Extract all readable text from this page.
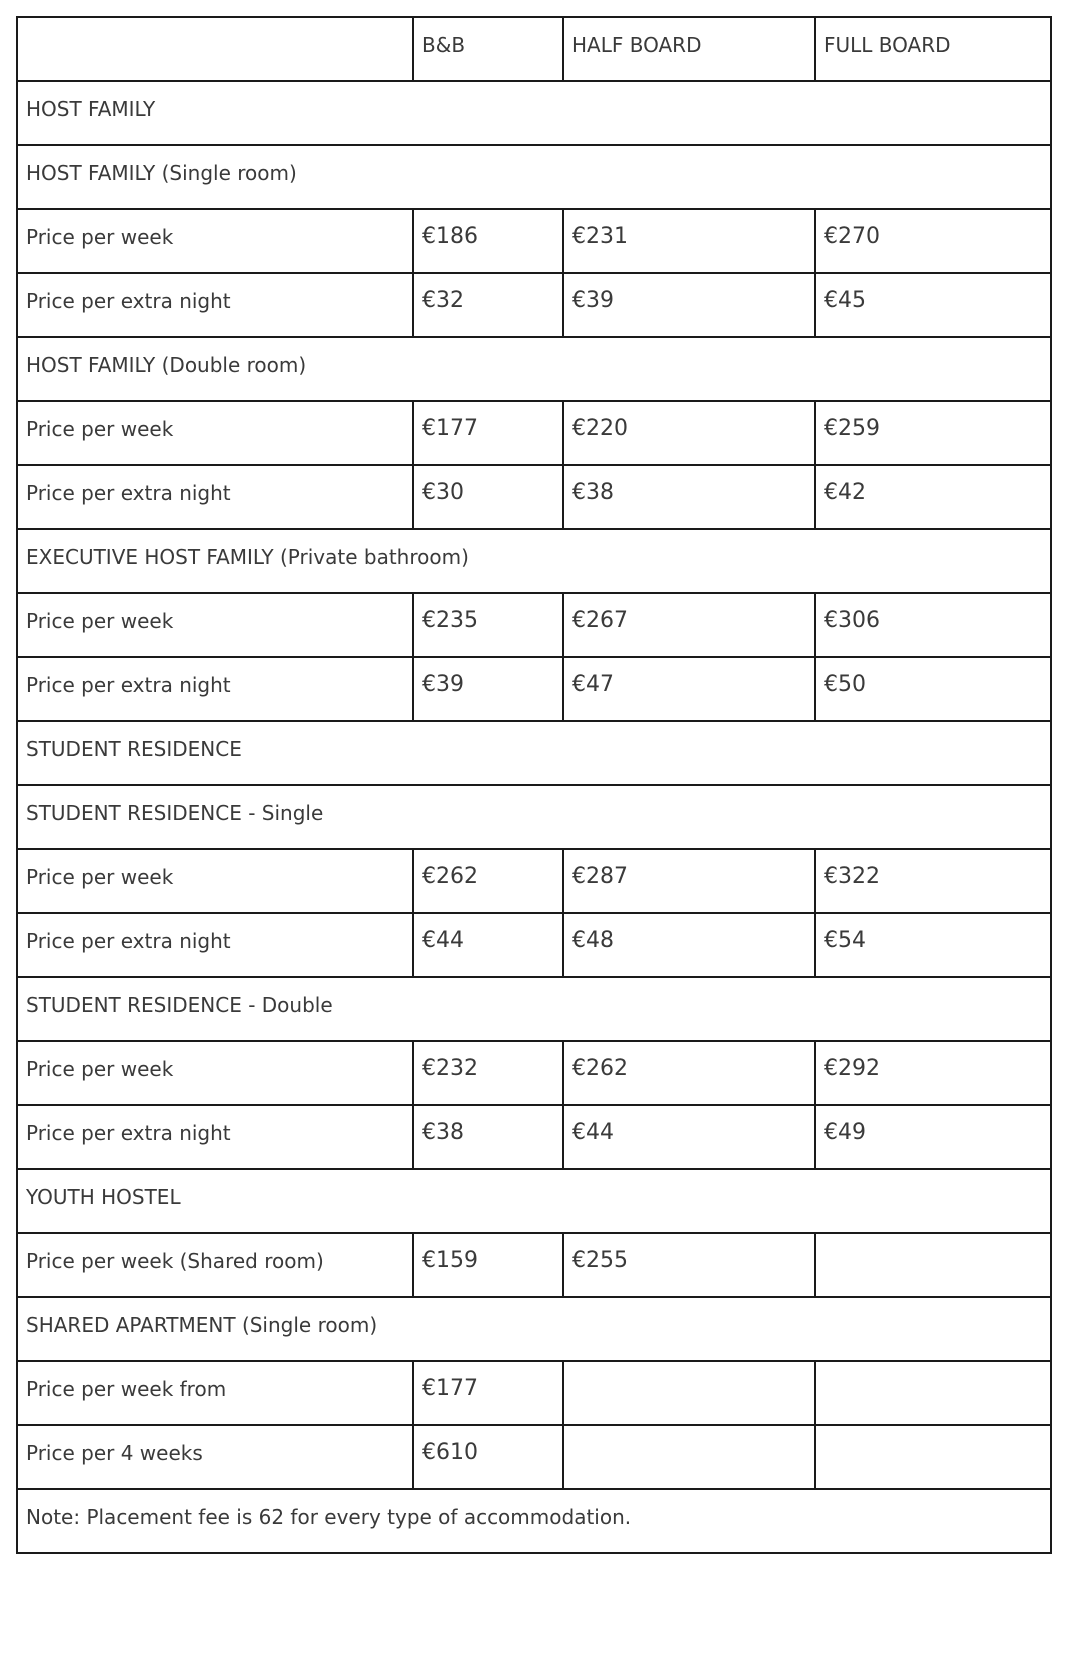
	B&B	HALF BOARD	FULL BOARD
HOST FAMILY			
HOST FAMILY (Single room)			
Price per week	€186	€231	€270
Price per extra night	€32	€39	€45
HOST FAMILY (Double room)			
Price per week	€177	€220	€259
Price per extra night	€30	€38	€42
EXECUTIVE HOST FAMILY (Private bathroom)			
Price per week	€235	€267	€306
Price per extra night	€39	€47	€50
STUDENT RESIDENCE			
STUDENT RESIDENCE - Single			
Price per week	€262	€287	€322
Price per extra night	€44	€48	€54
STUDENT RESIDENCE - Double			
Price per week	€232	€262	€292
Price per extra night	€38	€44	€49
YOUTH HOSTEL			
Price per week (Shared room)	€159	€255	
SHARED APARTMENT (Single room)			
Price per week from	€177		
Price per 4 weeks	€610		
Note: Placement fee is 62 for every type of accommodation.			
